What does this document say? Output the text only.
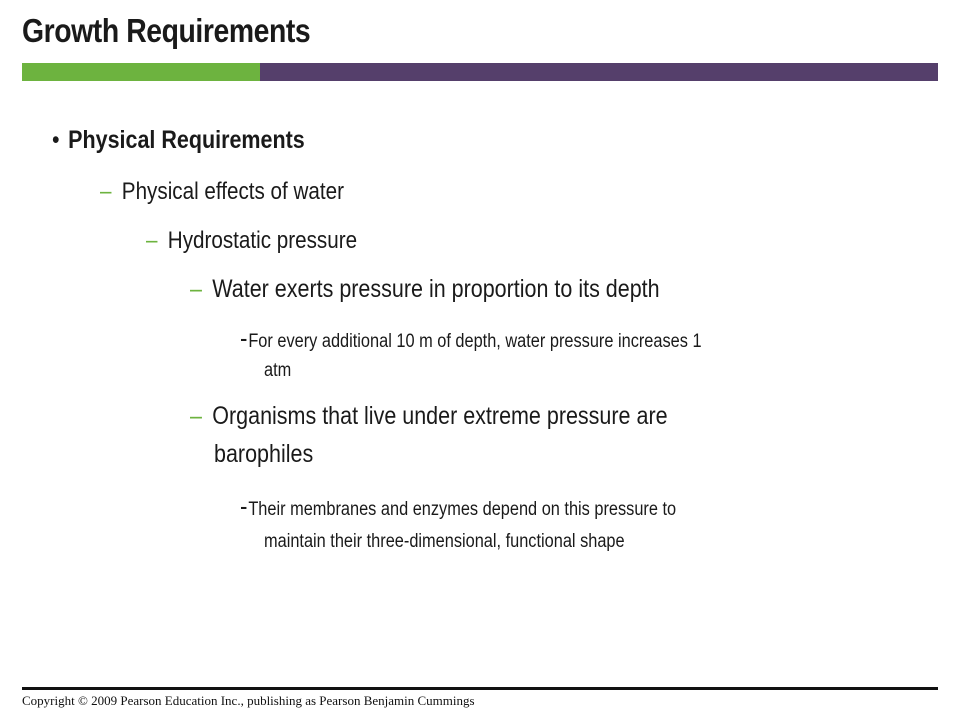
Growth Requirements
• Physical Requirements
– Physical effects of water
– Hydrostatic pressure
– Water exerts pressure in proportion to its depth
-For every additional 10 m of depth, water pressure increases 1
atm
– Organisms that live under extreme pressure are
barophiles
-Their membranes and enzymes depend on this pressure to
maintain their three-dimensional, functional shape
Copyright © 2009 Pearson Education Inc., publishing as Pearson Benjamin Cummings
